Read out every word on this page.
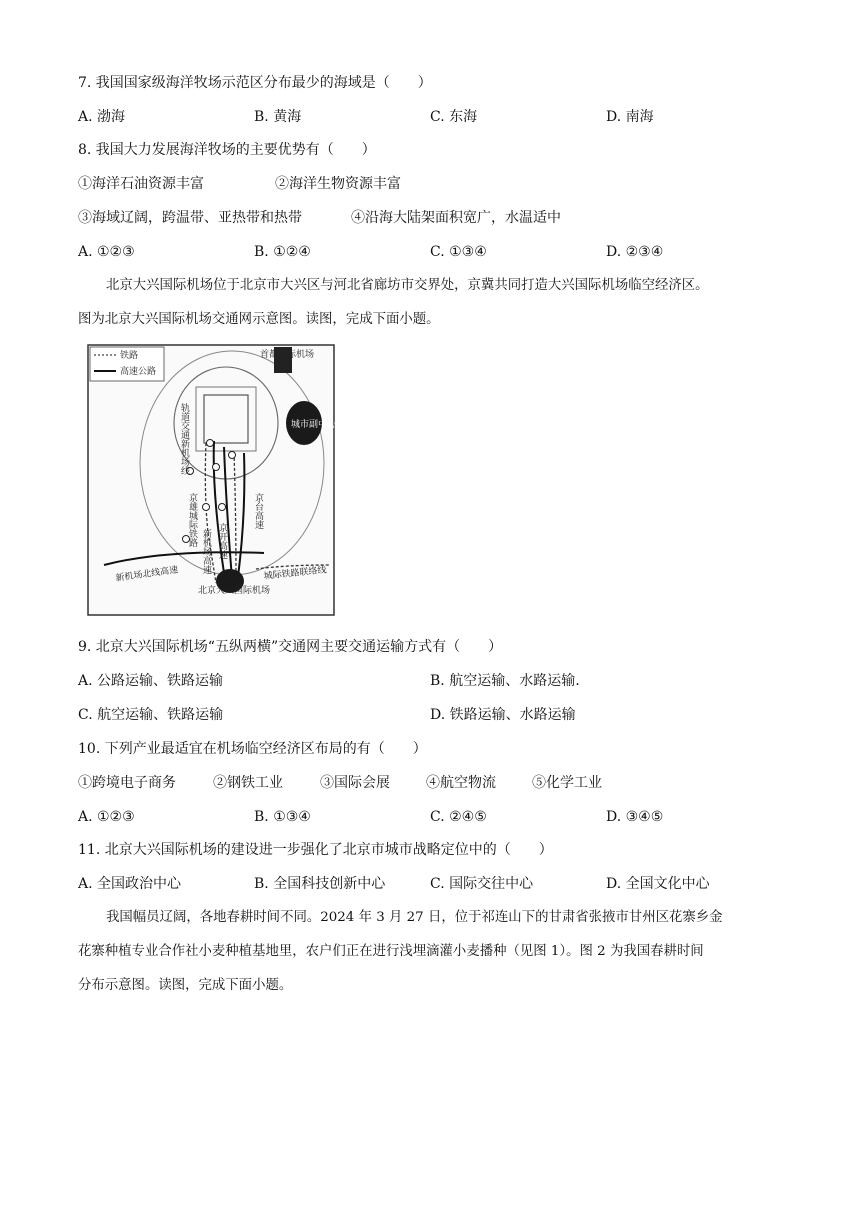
7. 我国国家级海洋牧场示范区分布最少的海域是（　　）
A. 渤海	B. 黄海	C. 东海	D. 南海
8. 我国大力发展海洋牧场的主要优势有（　　）
①海洋石油资源丰富	②海洋生物资源丰富
③海域辽阔，跨温带、亚热带和热带	④沿海大陆架面积宽广，水温适中
A. ①②③	B. ①②④	C. ①③④	D. ②③④
北京大兴国际机场位于北京市大兴区与河北省廊坊市交界处，京冀共同打造大兴国际机场临空经济区。
图为北京大兴国际机场交通网示意图。读图，完成下面小题。
铁路
高速公路
首都国际机场
城市副中心
轨道交通新机场线
京雄城际铁路 京开高速
新机场高速
京台高速
北京大兴国际机场
新机场北线高速	城际铁路联络线
9. 北京大兴国际机场“五纵两横”交通网主要交通运输方式有（　　）
A. 公路运输、铁路运输	B. 航空运输、水路运输.
C. 航空运输、铁路运输	D. 铁路运输、水路运输
10. 下列产业最适宜在机场临空经济区布局的有（　　）
①跨境电子商务	②钢铁工业	③国际会展	④航空物流	⑤化学工业
A. ①②③	B. ①③④	C. ②④⑤	D. ③④⑤
11. 北京大兴国际机场的建设进一步强化了北京市城市战略定位中的（　　）
A. 全国政治中心	B. 全国科技创新中心	C. 国际交往中心	D. 全国文化中心
我国幅员辽阔，各地春耕时间不同。2024 年 3 月 27 日，位于祁连山下的甘肃省张掖市甘州区花寨乡金
花寨种植专业合作社小麦种植基地里，农户们正在进行浅埋滴灌小麦播种（见图 1）。图 2 为我国春耕时间
分布示意图。读图，完成下面小题。
